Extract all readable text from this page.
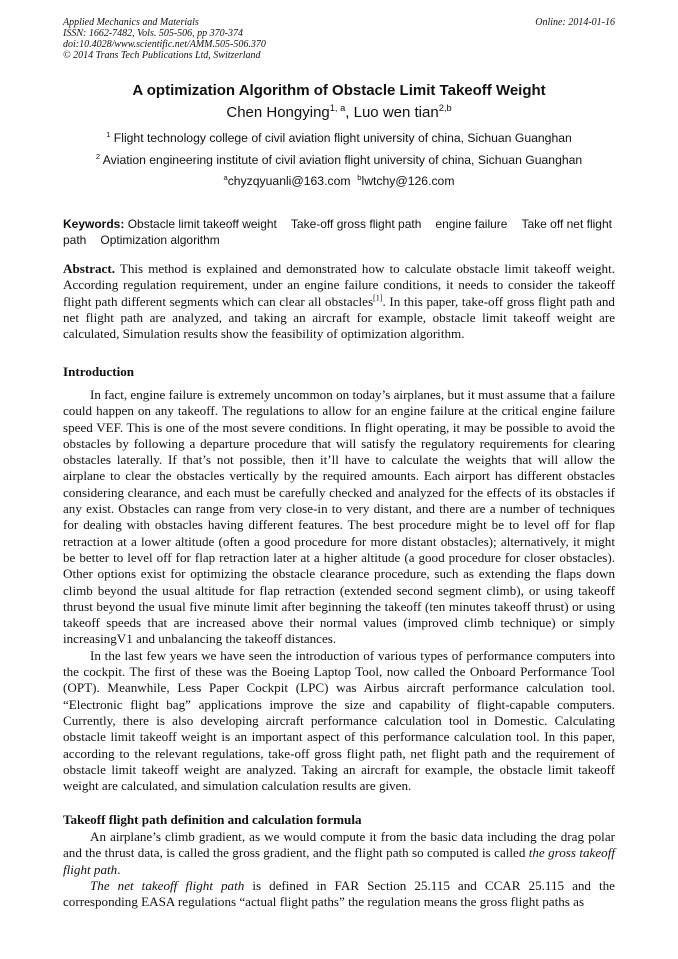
Applied Mechanics and Materials
ISSN: 1662-7482, Vols. 505-506, pp 370-374
doi:10.4028/www.scientific.net/AMM.505-506.370
© 2014 Trans Tech Publications Ltd, Switzerland
Online: 2014-01-16
A optimization Algorithm of Obstacle Limit Takeoff Weight
Chen Hongying$^{1, a}$, Luo wen tian$^{2,b}$
$^1$ Flight technology college of civil aviation flight university of china, Sichuan Guanghan
$^2$ Aviation engineering institute of civil aviation flight university of china, Sichuan Guanghan
$^a$chyzqyuanli@163.com $^b$lwtchy@126.com
Keywords: Obstacle limit takeoff weight Take-off gross flight path engine failure Take off net flight path Optimization algorithm

Abstract. This method is explained and demonstrated how to calculate obstacle limit takeoff weight. According regulation requirement, under an engine failure conditions, it needs to consider the takeoff flight path different segments which can clear all obstacles[1]. In this paper, take-off gross flight path and net flight path are analyzed, and taking an aircraft for example, obstacle limit takeoff weight are calculated, Simulation results show the feasibility of optimization algorithm.

Introduction

In fact, engine failure is extremely uncommon on today’s airplanes, but it must assume that a failure could happen on any takeoff. The regulations to allow for an engine failure at the critical engine failure speed VEF. This is one of the most severe conditions. In flight operating, it may be possible to avoid the obstacles by following a departure procedure that will satisfy the regulatory requirements for clearing obstacles laterally. If that’s not possible, then it’ll have to calculate the weights that will allow the airplane to clear the obstacles vertically by the required amounts. Each airport has different obstacles considering clearance, and each must be carefully checked and analyzed for the effects of its obstacles if any exist. Obstacles can range from very close-in to very distant, and there are a number of techniques for dealing with obstacles having different features. The best procedure might be to level off for flap retraction at a lower altitude (often a good procedure for more distant obstacles); alternatively, it might be better to level off for flap retraction later at a higher altitude (a good procedure for closer obstacles). Other options exist for optimizing the obstacle clearance procedure, such as extending the flaps down climb beyond the usual altitude for flap retraction (extended second segment climb), or using takeoff thrust beyond the usual five minute limit after beginning the takeoff (ten minutes takeoff thrust) or using takeoff speeds that are increased above their normal values (improved climb technique) or simply increasingV1 and unbalancing the takeoff distances.

In the last few years we have seen the introduction of various types of performance computers into the cockpit. The first of these was the Boeing Laptop Tool, now called the Onboard Performance Tool (OPT). Meanwhile, Less Paper Cockpit (LPC) was Airbus aircraft performance calculation tool. “Electronic flight bag” applications improve the size and capability of flight-capable computers. Currently, there is also developing aircraft performance calculation tool in Domestic. Calculating obstacle limit takeoff weight is an important aspect of this performance calculation tool. In this paper, according to the relevant regulations, take-off gross flight path, net flight path and the requirement of obstacle limit takeoff weight are analyzed. Taking an aircraft for example, the obstacle limit takeoff weight are calculated, and simulation calculation results are given.

Takeoff flight path definition and calculation formula

An airplane’s climb gradient, as we would compute it from the basic data including the drag polar and the thrust data, is called the gross gradient, and the flight path so computed is called the gross takeoff flight path.

The net takeoff flight path is defined in FAR Section 25.115 and CCAR 25.115 and the corresponding EASA regulations “actual flight paths” the regulation means the gross flight paths as
